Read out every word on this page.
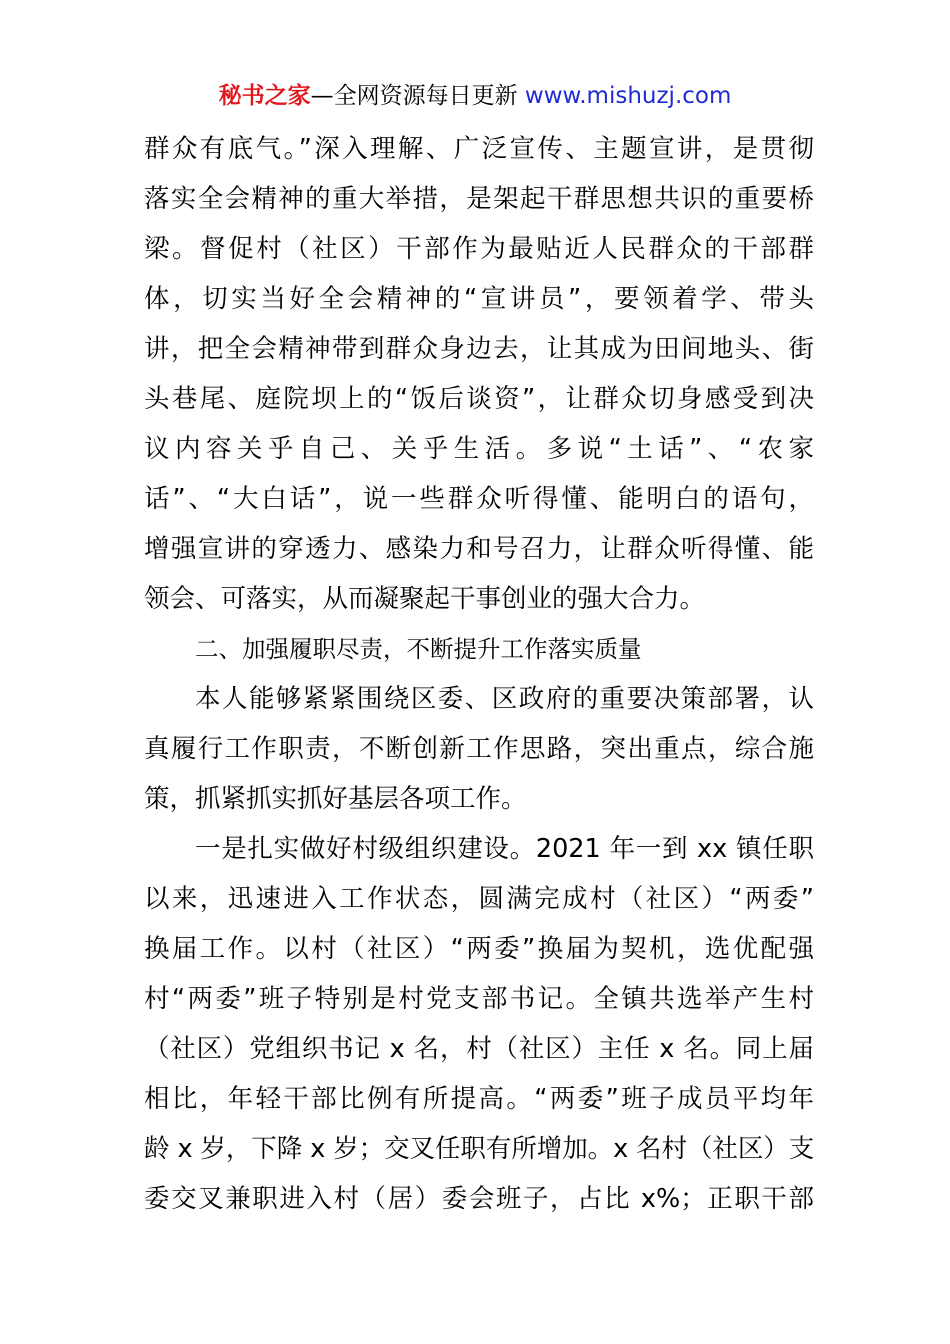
秘书之家—全网资源每日更新 www.mishuzj.com
群众有底气。”深入理解、广泛宣传、主题宣讲，是贯彻
落实全会精神的重大举措，是架起干群思想共识的重要桥
梁。督促村（社区）干部作为最贴近人民群众的干部群
体，切实当好全会精神的“宣讲员”，要领着学、带头
讲，把全会精神带到群众身边去，让其成为田间地头、街
头巷尾、庭院坝上的“饭后谈资”，让群众切身感受到决
议内容关乎自己、关乎生活。多说“土话”、“农家
话”、“大白话”，说一些群众听得懂、能明白的语句，
增强宣讲的穿透力、感染力和号召力，让群众听得懂、能
领会、可落实，从而凝聚起干事创业的强大合力。
二、加强履职尽责，不断提升工作落实质量
本人能够紧紧围绕区委、区政府的重要决策部署，认
真履行工作职责，不断创新工作思路，突出重点，综合施
策，抓紧抓实抓好基层各项工作。
一是扎实做好村级组织建设。2021 年一到 xx 镇任职
以来，迅速进入工作状态，圆满完成村（社区）“两委”
换届工作。以村（社区）“两委”换届为契机，选优配强
村“两委”班子特别是村党支部书记。全镇共选举产生村
（社区）党组织书记 x 名，村（社区）主任 x 名。同上届
相比，年轻干部比例有所提高。“两委”班子成员平均年
龄 x 岁，下降 x 岁；交叉任职有所增加。x 名村（社区）支
委交叉兼职进入村（居）委会班子，占比 x%；正职干部
